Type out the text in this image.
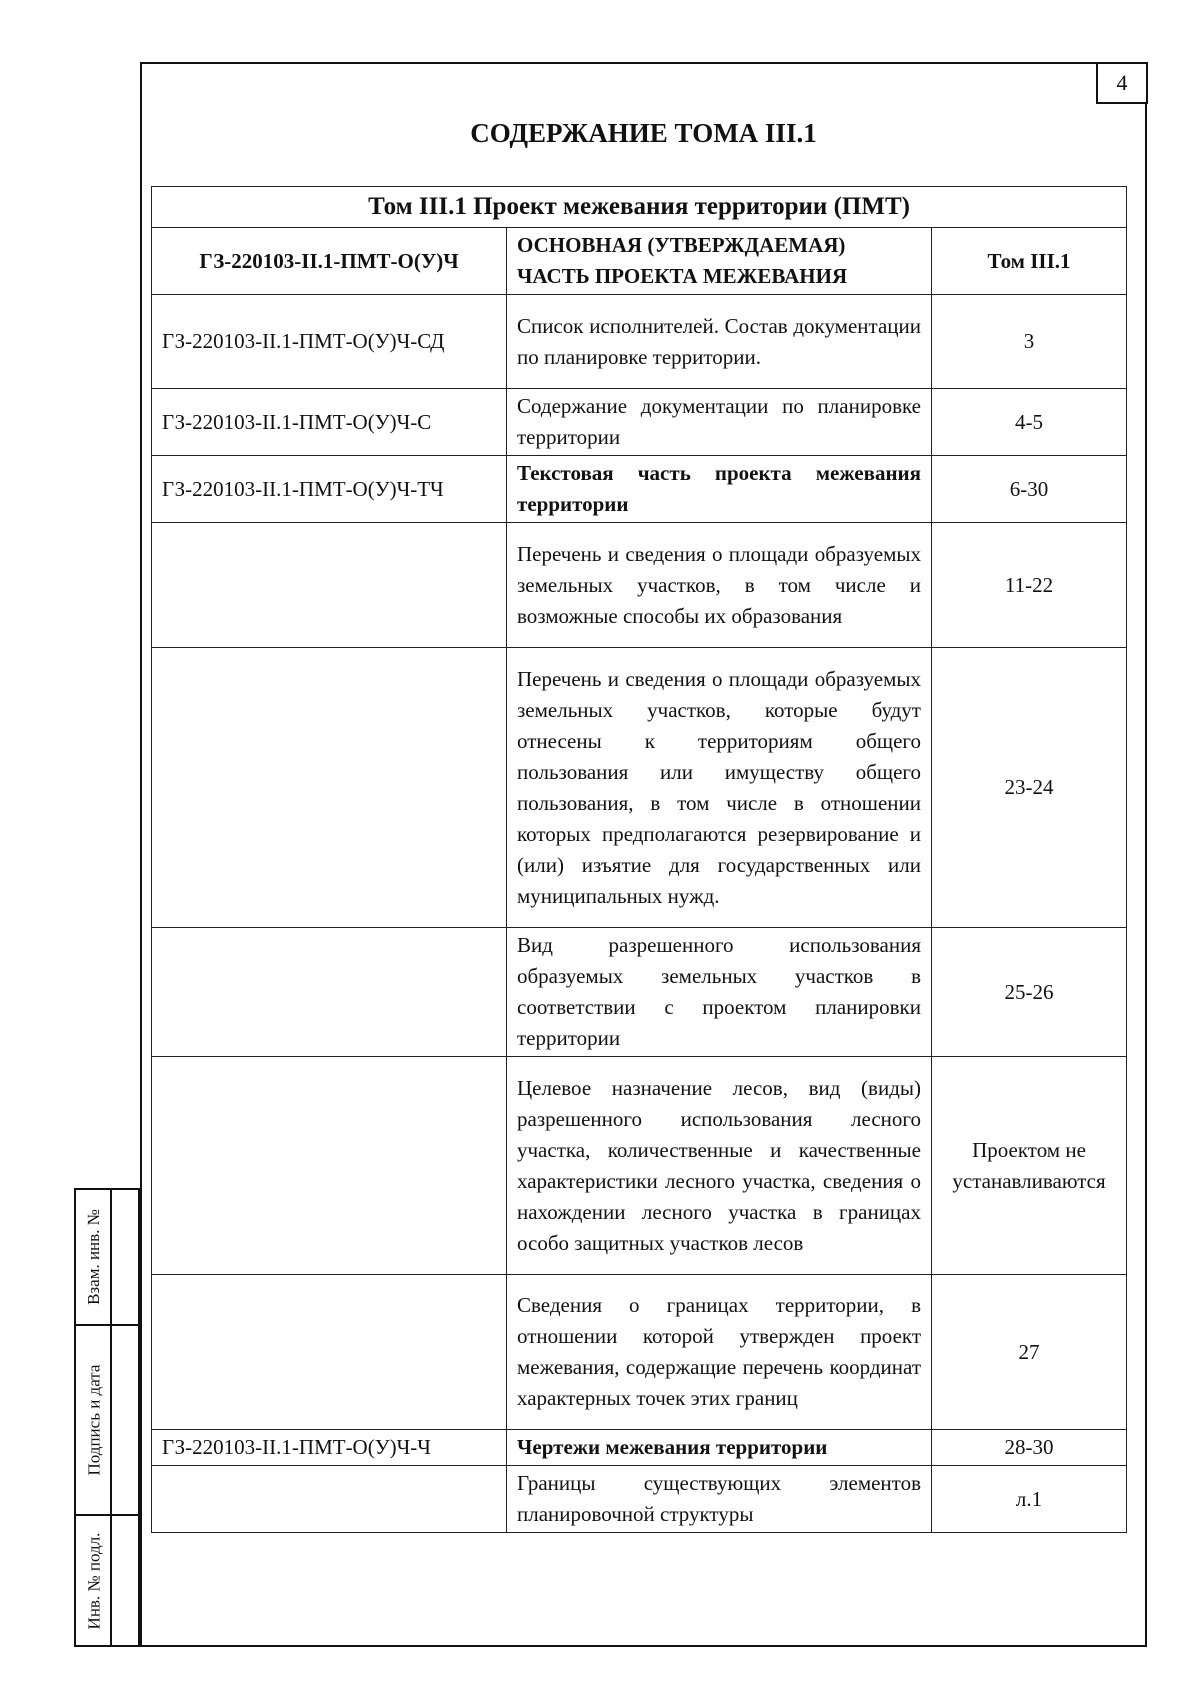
4
СОДЕРЖАНИЕ ТОМА III.1
Том III.1 Проект межевания территории (ПМТ)		
ГЗ-220103-II.1-ПМТ-О(У)Ч	ОСНОВНАЯ (УТВЕРЖДАЕМАЯ) ЧАСТЬ ПРОЕКТА МЕЖЕВАНИЯ	Том III.1
ГЗ-220103-II.1-ПМТ-О(У)Ч-СД	Список исполнителей. Состав документации по планировке территории.	3
ГЗ-220103-II.1-ПМТ-О(У)Ч-С	Содержание документации по планировке территории	4-5
ГЗ-220103-II.1-ПМТ-О(У)Ч-ТЧ	Текстовая часть проекта межевания территории	6-30
	Перечень и сведения о площади образуемых земельных участков, в том числе и возможные способы их образования	11-22
	Перечень и сведения о площади образуемых земельных участков, которые будут отнесены к территориям общего пользования или имуществу общего пользования, в том числе в отношении которых предполагаются резервирование и (или) изъятие для государственных или муниципальных нужд.	23-24
	Вид разрешенного использования образуемых земельных участков в соответствии с проектом планировки территории	25-26
	Целевое назначение лесов, вид (виды) разрешенного использования лесного участка, количественные и качественные характеристики лесного участка, сведения о нахождении лесного участка в границах особо защитных участков лесов	Проектом не устанавливаются
	Сведения о границах территории, в отношении которой утвержден проект межевания, содержащие перечень координат характерных точек этих границ	27
ГЗ-220103-II.1-ПМТ-О(У)Ч-Ч	Чертежи межевания территории	28-30
	Границы существующих элементов планировочной структуры	л.1
Взам. инв. №
Подпись и дата
Инв. № подл.
